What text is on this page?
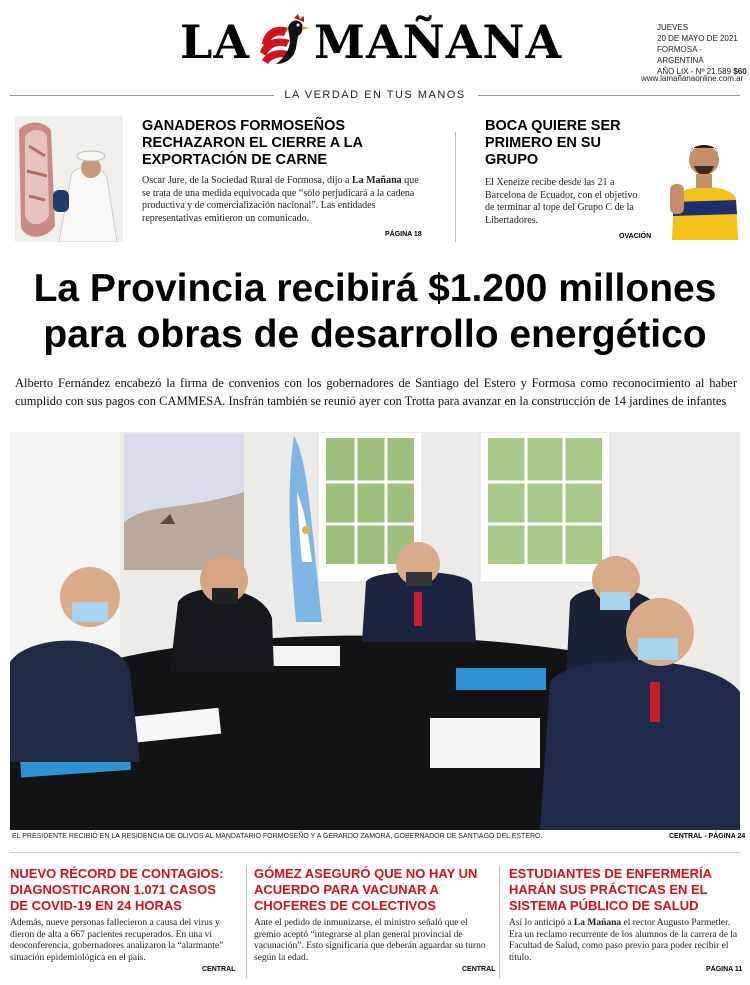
LA MAÑANA	JUEVES
20 DE MAYO DE 2021
FORMOSA - ARGENTINA
AÑO LIX - Nº 21.589 $60
www.lamañanaonline.com.ar
LA VERDAD EN TUS MANOS
GANADEROS FORMOSEÑOS RECHAZARON EL CIERRE A LA EXPORTACIÓN DE CARNE
Oscar Jure, de la Sociedad Rural de Formosa, dijo a La Mañana que se trata de una medida equivocada que “sólo perjudicará a la cadena productiva y de comercialización nacional”. Las entidades representativas emitieron un comunicado.
PÁGINA 18
BOCA QUIERE SER PRIMERO EN SU GRUPO
El Xeneize recibe desde las 21 a Barcelona de Ecuador, con el objetivo de terminar al tope del Grupo C de la Libertadores.
OVACIÓN
La Provincia recibirá $1.200 millones
para obras de desarrollo energético
Alberto Fernández encabezó la firma de convenios con los gobernadores de Santiago del Estero y Formosa como reconocimiento al haber cumplido con sus pagos con CAMMESA. Insfrán también se reunió ayer con Trotta para avanzar en la construcción de 14 jardines de infantes
EL PRESIDENTE RECIBIÓ EN LA RESIDENCIA DE OLIVOS AL MANDATARIO FORMOSEÑO Y A GERARDO ZAMORA, GOBERNADOR DE SANTIAGO DEL ESTERO.	CENTRAL - PÁGINA 24
NUEVO RÉCORD DE CONTAGIOS: DIAGNOSTICARON 1.071 CASOS DE COVID-19 EN 24 HORAS
Además, nueve personas fallecieron a causa del virus y dieron de alta a 667 pacientes recuperados. En una vi deoconferencia, gobernadores analizaron la “alarmante” situación epidemiológica en el país.
CENTRAL
GÓMEZ ASEGURÓ QUE NO HAY UN ACUERDO PARA VACUNAR A CHOFERES DE COLECTIVOS
Ante el pedido de inmunizarse, el ministro señaló que el gremio aceptó “integrarse al plan general provincial de vacunación”. Esto significaría que deberán aguardar su turno según la edad.
CENTRAL
ESTUDIANTES DE ENFERMERÍA HARÁN SUS PRÁCTICAS EN EL SISTEMA PÚBLICO DE SALUD
Así lo anticipó a La Mañana el rector Augusto Parmetler. Era un reclamo recurrente de los alumnos de la carrera de la Facultad de Salud, como paso previo para poder recibir el título.
PÁGINA 11
